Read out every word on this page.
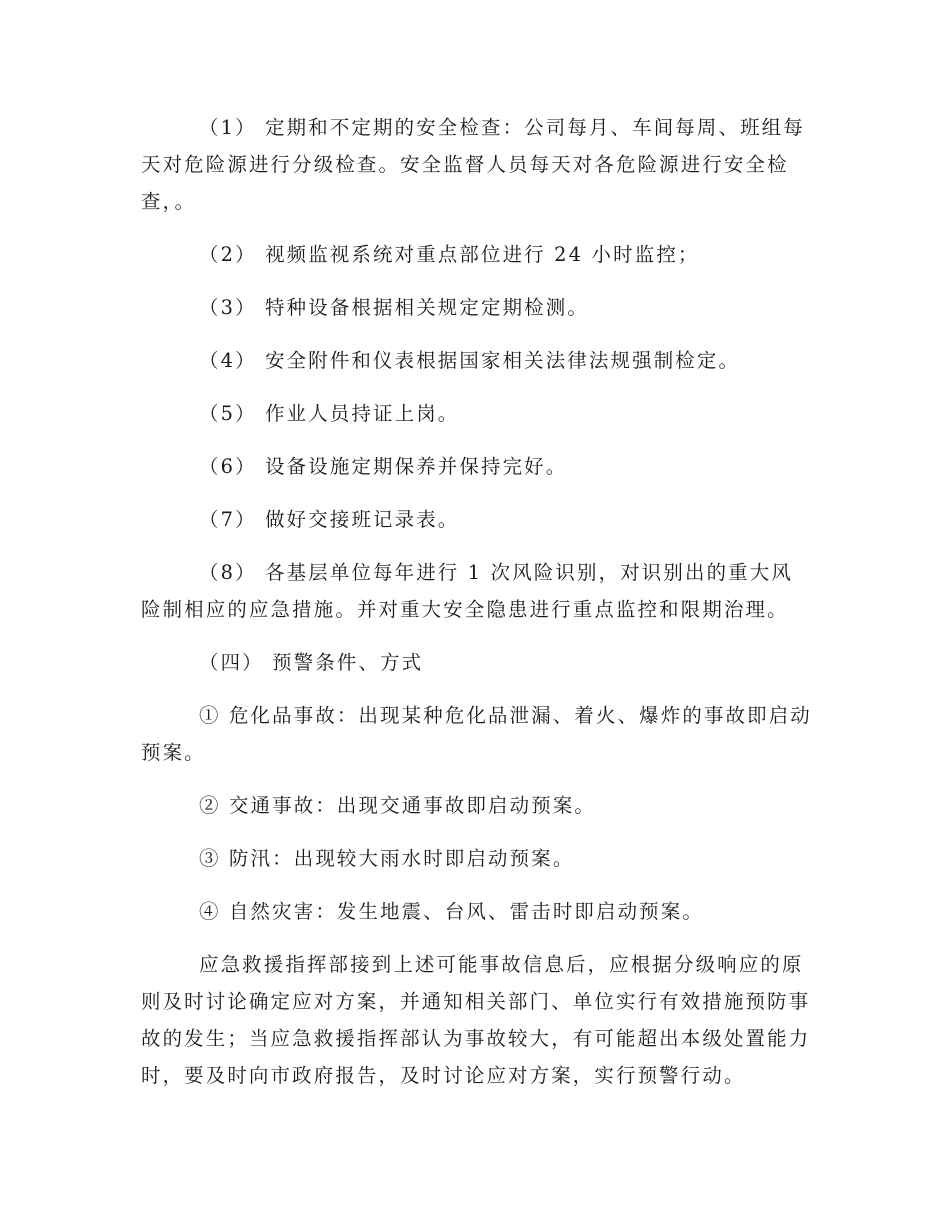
（1） 定期和不定期的安全检查：公司每月、车间每周、班组每天对危险源进行分级检查。安全监督人员每天对各危险源进行安全检查，。

（2） 视频监视系统对重点部位进行 24 小时监控；

（3） 特种设备根据相关规定定期检测。

（4） 安全附件和仪表根据国家相关法律法规强制检定。

（5） 作业人员持证上岗。

（6） 设备设施定期保养并保持完好。

（7） 做好交接班记录表。

（8） 各基层单位每年进行 1 次风险识别，对识别出的重大风险制相应的应急措施。并对重大安全隐患进行重点监控和限期治理。

（四） 预警条件、方式

① 危化品事故：出现某种危化品泄漏、着火、爆炸的事故即启动预案。

② 交通事故：出现交通事故即启动预案。

③ 防汛：出现较大雨水时即启动预案。

④ 自然灾害：发生地震、台风、雷击时即启动预案。

应急救援指挥部接到上述可能事故信息后，应根据分级响应的原则及时讨论确定应对方案，并通知相关部门、单位实行有效措施预防事故的发生；当应急救援指挥部认为事故较大，有可能超出本级处置能力时，要及时向市政府报告，及时讨论应对方案，实行预警行动。
